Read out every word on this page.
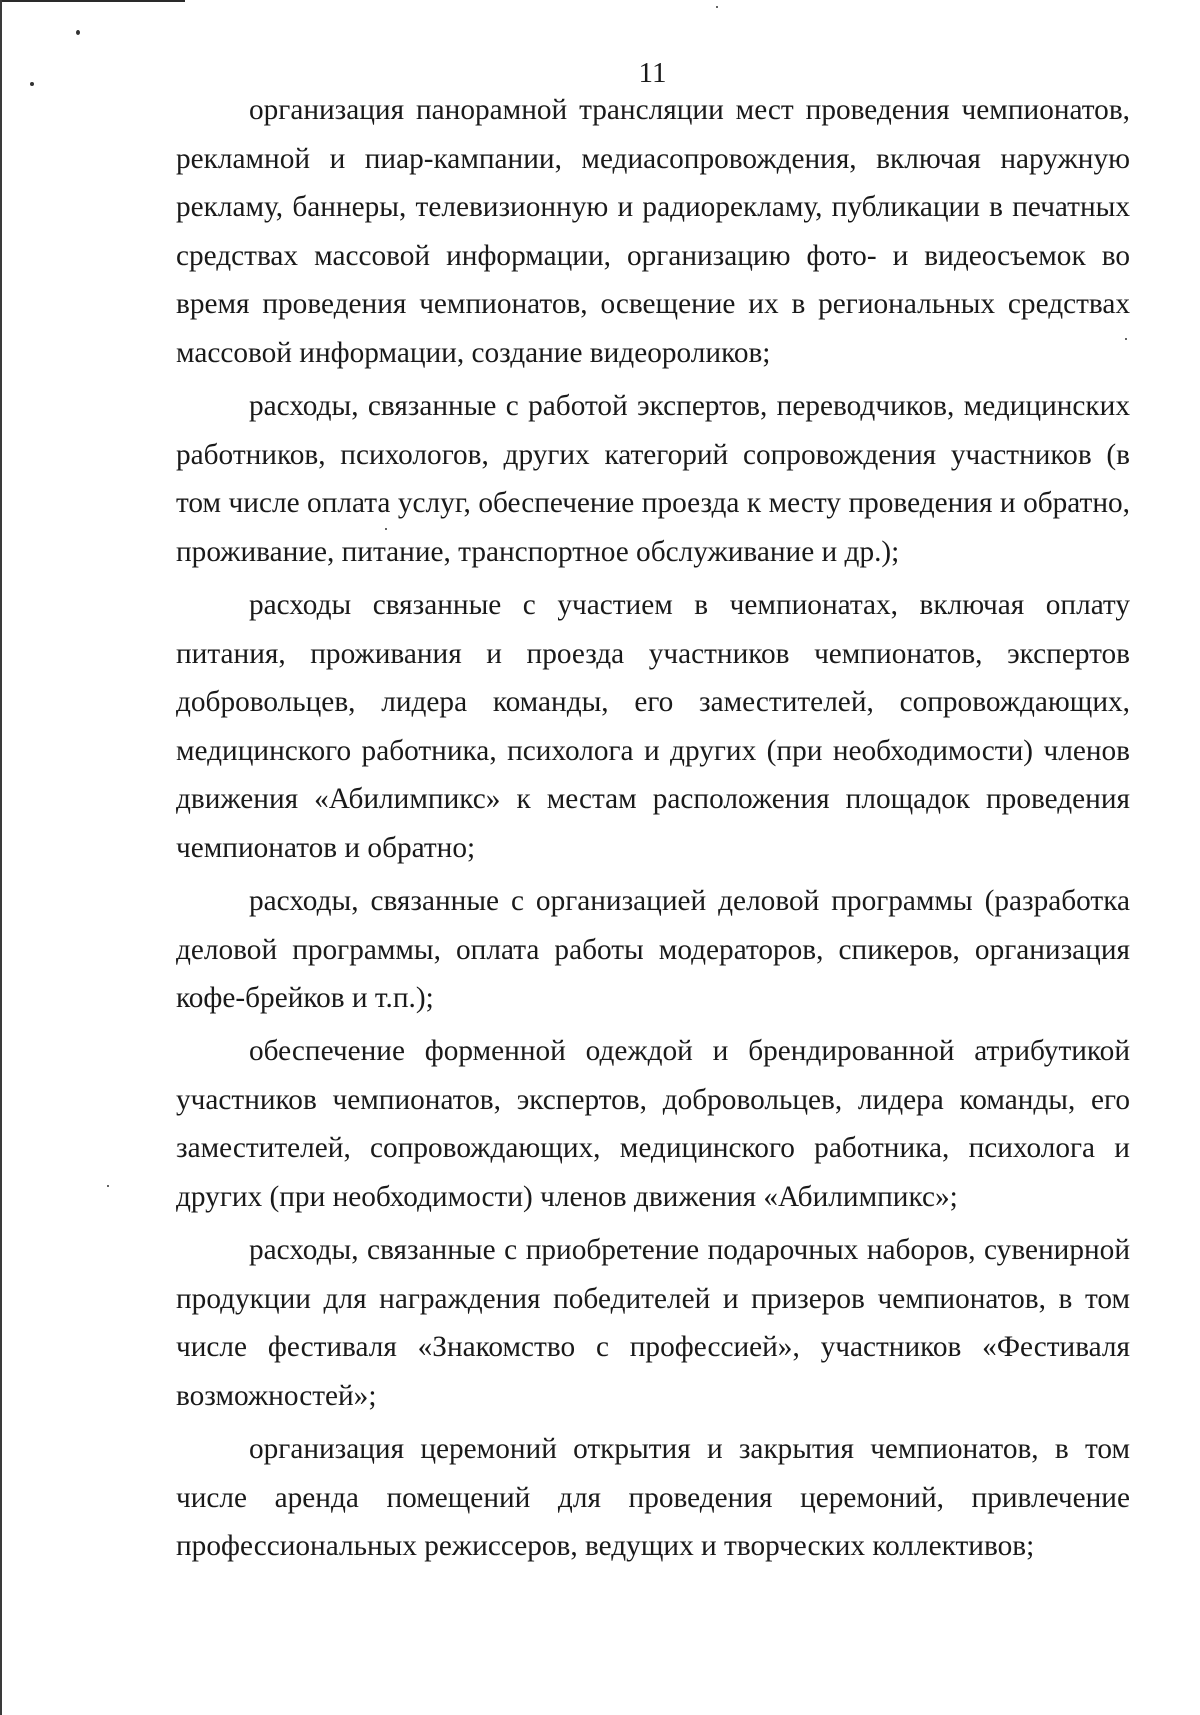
11

организация панорамной трансляции мест проведения чемпионатов, рекламной и пиар-кампании, медиасопровождения, включая наружную рекламу, баннеры, телевизионную и радиорекламу, публикации в печатных средствах массовой информации, организацию фото- и видеосъемок во время проведения чемпионатов, освещение их в региональных средствах массовой информации, создание видеороликов;

расходы, связанные с работой экспертов, переводчиков, медицинских работников, психологов, других категорий сопровождения участников (в том числе оплата услуг, обеспечение проезда к месту проведения и обратно, проживание, питание, транспортное обслуживание и др.);

расходы связанные с участием в чемпионатах, включая оплату питания, проживания и проезда участников чемпионатов, экспертов добровольцев, лидера команды, его заместителей, сопровождающих, медицинского работника, психолога и других (при необходимости) членов движения «Абилимпикс» к местам расположения площадок проведения чемпионатов и обратно;

расходы, связанные с организацией деловой программы (разработка деловой программы, оплата работы модераторов, спикеров, организация кофе-брейков и т.п.);

обеспечение форменной одеждой и брендированной атрибутикой участников чемпионатов, экспертов, добровольцев, лидера команды, его заместителей, сопровождающих, медицинского работника, психолога и других (при необходимости) членов движения «Абилимпикс»;

расходы, связанные с приобретение подарочных наборов, сувенирной продукции для награждения победителей и призеров чемпионатов, в том числе фестиваля «Знакомство с профессией», участников «Фестиваля возможностей»;

организация церемоний открытия и закрытия чемпионатов, в том числе аренда помещений для проведения церемоний, привлечение профессиональных режиссеров, ведущих и творческих коллективов;
